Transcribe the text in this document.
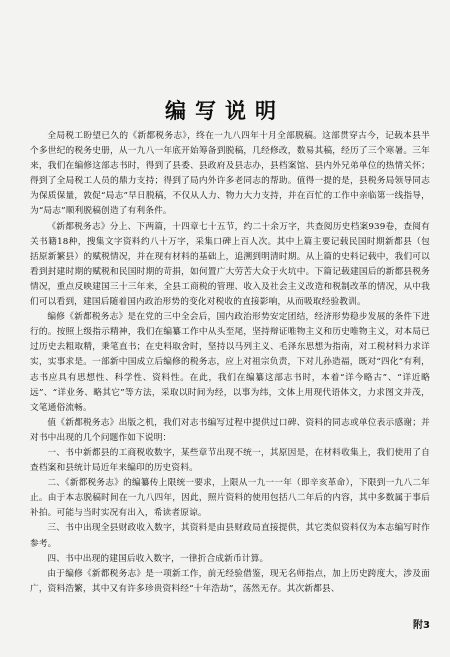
编写说明

全局税工盼望已久的《新都税务志》，终在一九八四年十月全部脱稿。这部贯穿古今，记载本县半个多世纪的税务史册，从一九八一年底开始筹备到脱稿，几经修改，数易其稿，经历了三个寒暑。三年来，我们在编修这部志书时，得到了县委、县政府及县志办，县档案馆、县内外兄弟单位的热情关怀；得到了全局税工人员的鼎力支持；得到了局内外许多老同志的帮助。值得一提的是，县税务局领导同志为保质保量，敦促“局志”早日脱稿，不仅从人力、物力大力支持，并在百忙的工作中亲临第一线指导，为“局志”顺利脱稿创造了有利条件。

《新都税务志》分上、下两篇，十四章七十五节，约二十余万字，共查阅历史档案939卷，查阅有关书籍18种，搜集文字资料约八十万字，采集口碑上百人次。其中上篇主要记载民国时期新都县（包括原新繁县）的赋税情况，并在现有材料的基础上，追溯到明清时期。从上篇的史料记载中，我们可以看到封建时期的赋税和民国时期的苛捐，如何置广大劳苦大众于火坑中。下篇记载建国后的新都县税务情况，重点反映建国三十三年来，全县工商税的管理、收入及社会主义改造和税制改革的情况，从中我们可以看到，建国后随着国内政治形势的变化对税收的直接影响，从而吸取经验教训。

编修《新都税务志》是在党的三中全会后，国内政治形势安定团结，经济形势稳步发展的条件下进行的。按照上级指示精神，我们在编纂工作中从头至尾，坚持辩证唯物主义和历史唯物主义，对本局已过历史去粗取精，秉笔直书；在史料取舍时，坚持以马列主义、毛泽东思想为指南，对工税材料力求详实，实事求是。一部新中国成立后编修的税务志，应上对祖宗负责，下对儿孙造福，既对“四化”有利，志书应具有思想性、科学性、资料性。在此，我们在编纂这部志书时，本着“详今略古”、“详近略远”、“详业务、略其它”等方法，采取以时间为经，以事为纬，文体上用现代语体文，力求图文并茂，文笔通俗流畅。

值《新都税务志》出版之机，我们对志书编写过程中提供过口碑、资料的同志或单位表示感谢；并对书中出现的几个问题作如下说明：

一、书中新都县的工商税收数字，某些章节出现不统一，其原因是，在材料收集上，我们使用了自查档案和县统计局近年来编印的历史资料。

二、《新都税务志》的编纂传上限统一要求，上限从一九一一年（即辛亥革命），下限到一九八二年止。由于本志脱稿时间在一九八四年，因此，照片资料的使用包括八二年后的内容，其中多数属于事后补拍。可能与当时实况有出入，希读者原谅。

三、书中出现全县财政收入数字，其资料是由县财政局直接提供，其它类似资料仅为本志编写时作参考。

四、书中出现的建国后收入数字，一律折合成新币计算。

由于编修《新都税务志》是一项新工作，前无经验借鉴，现无名师指点，加上历史跨度大，涉及面广，资料浩繁，其中又有许多珍贵资料经“十年浩劫”，荡然无存。其次新都县、

附3
